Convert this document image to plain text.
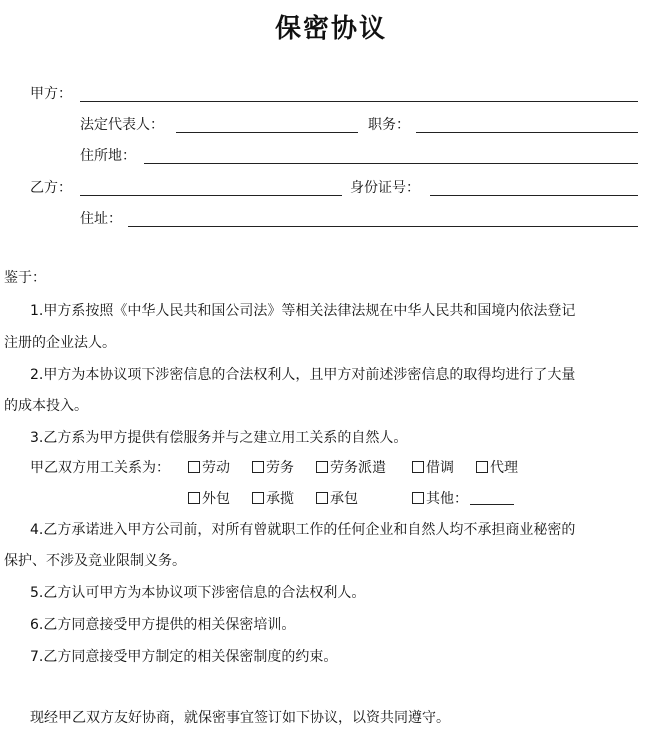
保密协议
甲方：
法定代表人：	职务：
住所地：
乙方：	身份证号：
住址：
鉴于：
1.甲方系按照《中华人民共和国公司法》等相关法律法规在中华人民共和国境内依法登记
注册的企业法人。
2.甲方为本协议项下涉密信息的合法权利人，且甲方对前述涉密信息的取得均进行了大量
的成本投入。
3.乙方系为甲方提供有偿服务并与之建立用工关系的自然人。
甲乙双方用工关系为：	劳动	劳务	劳务派遣	借调	代理
外包	承揽	承包	其他：
4.乙方承诺进入甲方公司前，对所有曾就职工作的任何企业和自然人均不承担商业秘密的
保护、不涉及竞业限制义务。
5.乙方认可甲方为本协议项下涉密信息的合法权利人。
6.乙方同意接受甲方提供的相关保密培训。
7.乙方同意接受甲方制定的相关保密制度的约束。
现经甲乙双方友好协商，就保密事宜签订如下协议，以资共同遵守。
